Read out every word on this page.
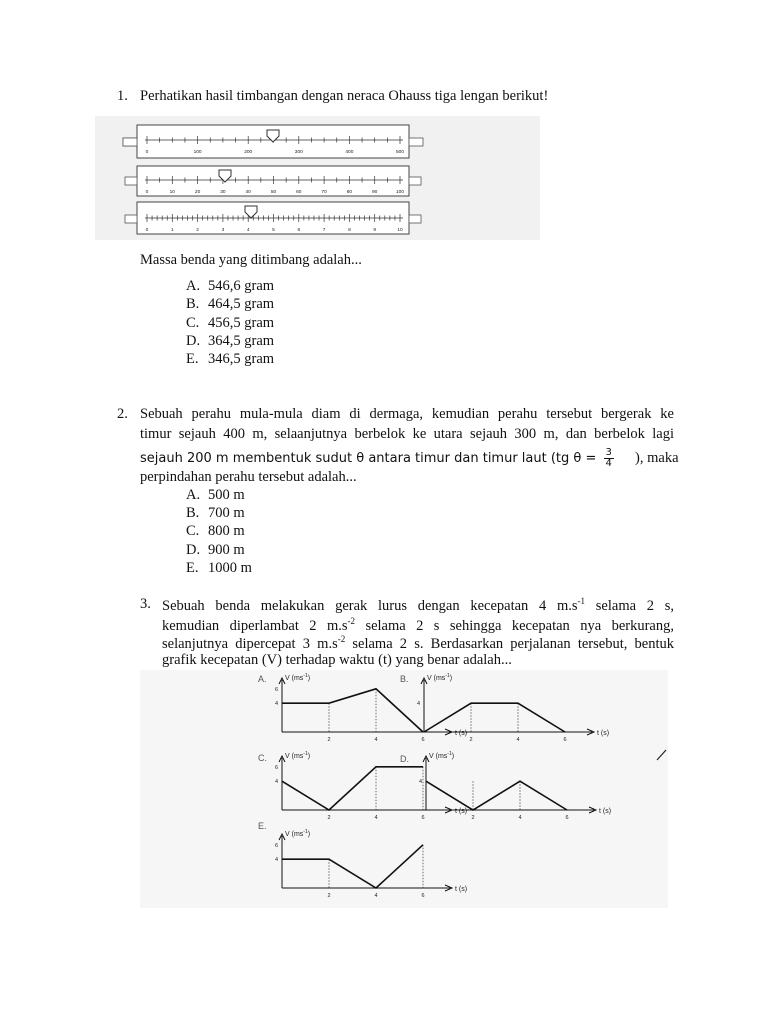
1. Perhatikan hasil timbangan dengan neraca Ohauss tiga lengan berikut!
0	100	200	300	400	500
0	10	20	30	40	50	60	70	80	90	100
0	1	2	3	4	5	6	7	8	9	10
Massa benda yang ditimbang adalah...
A. 546,6 gram
B. 464,5 gram
C. 456,5 gram
D. 364,5 gram
E. 346,5 gram
2. Sebuah perahu mula-mula diam di dermaga, kemudian perahu tersebut bergerak ke
timur sejauh 400 m, selaanjutnya berbelok ke utara sejauh 300 m, dan berbelok lagi
sejauh 200 m membentuk sudut θ antara timur dan timur laut (tg $\theta = \frac{3}{4}$ ), maka
perpindahan perahu tersebut adalah...
A. 500 m
B. 700 m
C. 800 m
D. 900 m
E. 1000 m
3. Sebuah benda melakukan gerak lurus dengan kecepatan 4 $m.s^{-1}$ selama 2 s,
kemudian diperlambat 2 $m.s^{-2}$ selama 2 s sehingga kecepatan nya berkurang,
selanjutnya dipercepat 3 $m.s^{-2}$ selama 2 s. Berdasarkan perjalanan tersebut, bentuk
grafik kecepatan (V) terhadap waktu (t) yang benar adalah...
A.	V $(ms^{-1})$
t (s)
2	4	6
6
4
B.	V $(ms^{-1})$
t (s)
2	4	6
4
C.	V $(ms^{-1})$
t (s)
2	4	6
6
4
D.	V $(ms^{-1})$
t (s)
2	4	6
4
E.
V $(ms^{-1})$
t (s)
2	4	6
6
4
